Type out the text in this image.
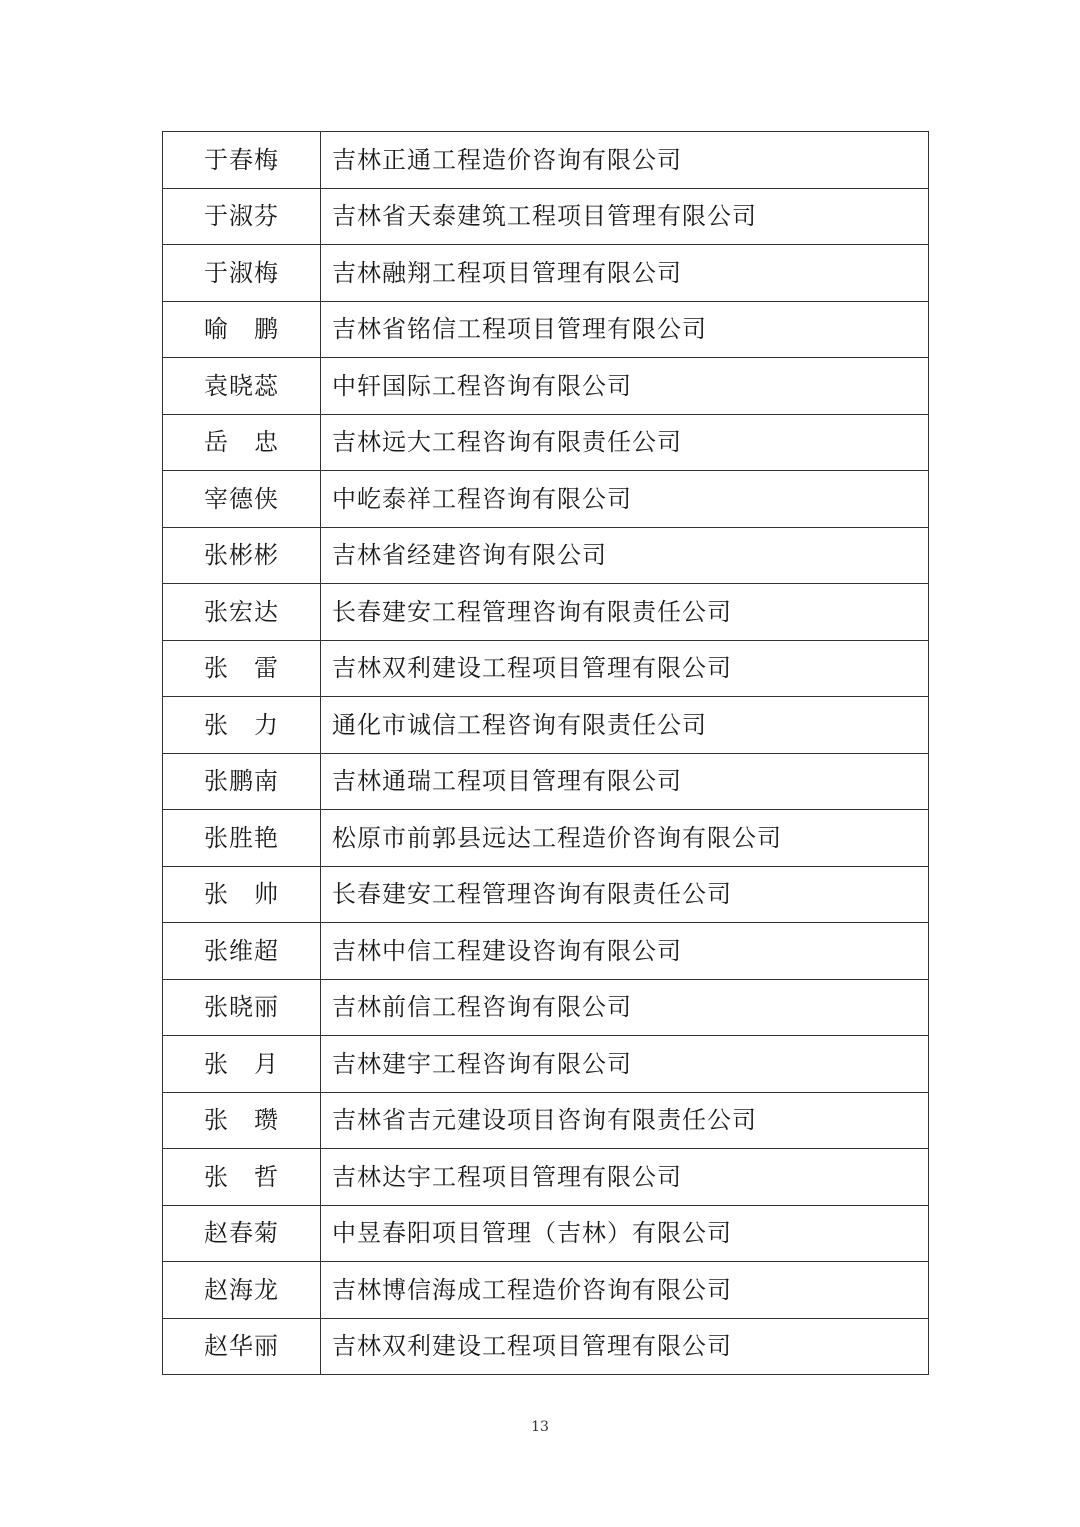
于春梅	吉林正通工程造价咨询有限公司
于淑芬	吉林省天泰建筑工程项目管理有限公司
于淑梅	吉林融翔工程项目管理有限公司
喻　鹏	吉林省铭信工程项目管理有限公司
袁晓蕊	中轩国际工程咨询有限公司
岳　忠	吉林远大工程咨询有限责任公司
宰德侠	中屹泰祥工程咨询有限公司
张彬彬	吉林省经建咨询有限公司
张宏达	长春建安工程管理咨询有限责任公司
张　雷	吉林双利建设工程项目管理有限公司
张　力	通化市诚信工程咨询有限责任公司
张鹏南	吉林通瑞工程项目管理有限公司
张胜艳	松原市前郭县远达工程造价咨询有限公司
张　帅	长春建安工程管理咨询有限责任公司
张维超	吉林中信工程建设咨询有限公司
张晓丽	吉林前信工程咨询有限公司
张　月	吉林建宇工程咨询有限公司
张　瓒	吉林省吉元建设项目咨询有限责任公司
张　哲	吉林达宇工程项目管理有限公司
赵春菊	中昱春阳项目管理（吉林）有限公司
赵海龙	吉林博信海成工程造价咨询有限公司
赵华丽	吉林双利建设工程项目管理有限公司
13
